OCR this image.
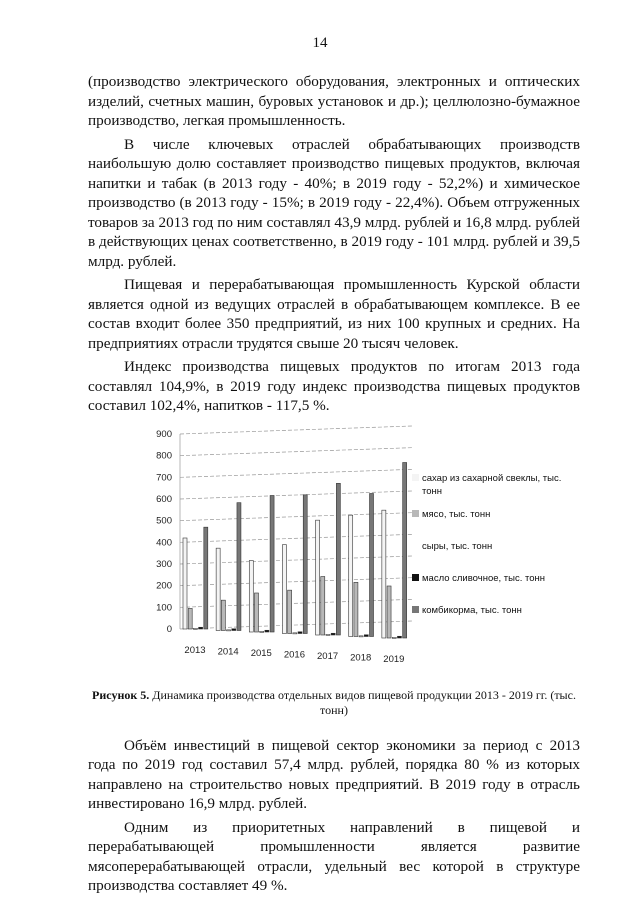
14

(производство электрического оборудования, электронных и оптических изделий, счетных машин, буровых установок и др.); целлюлозно-бумажное производство, легкая промышленность.

В числе ключевых отраслей обрабатывающих производств наибольшую долю составляет производство пищевых продуктов, включая напитки и табак (в 2013 году - 40%; в 2019 году - 52,2%) и химическое производство (в 2013 году - 15%; в 2019 году - 22,4%). Объем отгруженных товаров за 2013 год по ним составлял 43,9 млрд. рублей и 16,8 млрд. рублей в действующих ценах соответственно, в 2019 году - 101 млрд. рублей и 39,5 млрд. рублей.

Пищевая и перерабатывающая промышленность Курской области является одной из ведущих отраслей в обрабатывающем комплексе. В ее состав входит более 350 предприятий, из них 100 крупных и средних. На предприятиях отрасли трудятся свыше 20 тысяч человек.

Индекс производства пищевых продуктов по итогам 2013 года составлял 104,9%, в 2019 году индекс производства пищевых продуктов составил 102,4%, напитков - 117,5 %.

0
100
200
300
400
500
600
700
800
900
2013 2014 2015 2016 2017 2018 2019
сахар из сахарной свеклы, тыс. тонн
мясо, тыс. тонн
сыры, тыс. тонн
масло сливочное, тыс. тонн
комбикорма, тыс. тонн
Рисунок 5. Динамика производства отдельных видов пищевой продукции 2013 - 2019 гг. (тыс. тонн)

Объём инвестиций в пищевой сектор экономики за период с 2013 года по 2019 год составил 57,4 млрд. рублей, порядка 80 % из которых направлено на строительство новых предприятий. В 2019 году в отрасль инвестировано 16,9 млрд. рублей.

Одним из приоритетных направлений в пищевой и перерабатывающей промышленности является развитие мясоперерабатывающей отрасли, удельный вес которой в структуре производства составляет 49 %.
